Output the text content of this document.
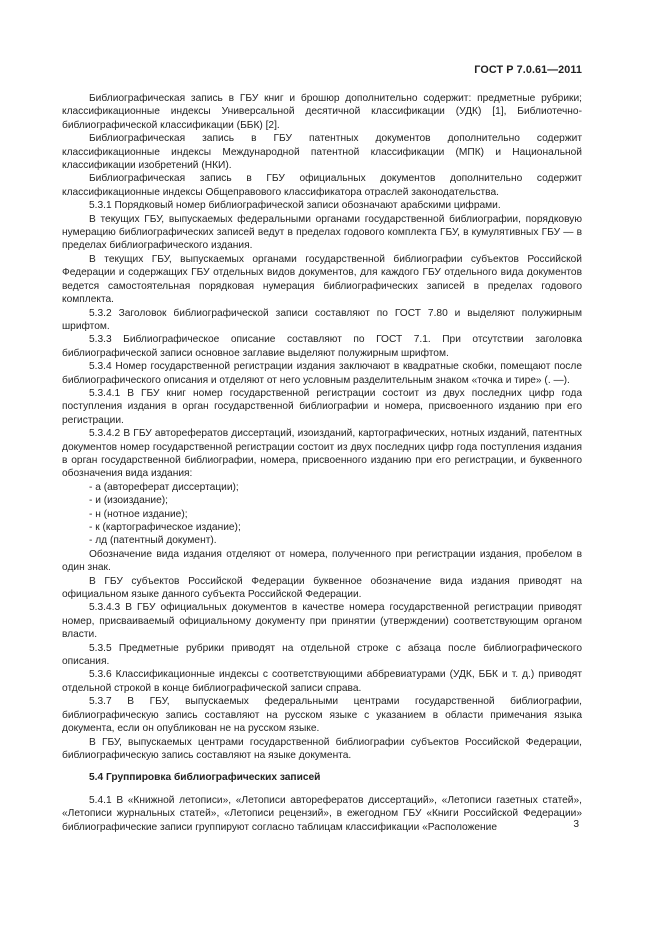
ГОСТ Р 7.0.61—2011

Библиографическая запись в ГБУ книг и брошюр дополнительно содержит: предметные рубрики; классификационные индексы Универсальной десятичной классификации (УДК) [1], Библиотечно-библиографической классификации (ББК) [2].

Библиографическая запись в ГБУ патентных документов дополнительно содержит классификационные индексы Международной патентной классификации (МПК) и Национальной классификации изобретений (НКИ).

Библиографическая запись в ГБУ официальных документов дополнительно содержит классификационные индексы Общеправового классификатора отраслей законодательства.

5.3.1 Порядковый номер библиографической записи обозначают арабскими цифрами.

В текущих ГБУ, выпускаемых федеральными органами государственной библиографии, порядковую нумерацию библиографических записей ведут в пределах годового комплекта ГБУ, в кумулятивных ГБУ — в пределах библиографического издания.

В текущих ГБУ, выпускаемых органами государственной библиографии субъектов Российской Федерации и содержащих ГБУ отдельных видов документов, для каждого ГБУ отдельного вида документов ведется самостоятельная порядковая нумерация библиографических записей в пределах годового комплекта.

5.3.2 Заголовок библиографической записи составляют по ГОСТ 7.80 и выделяют полужирным шрифтом.

5.3.3 Библиографическое описание составляют по ГОСТ 7.1. При отсутствии заголовка библиографической записи основное заглавие выделяют полужирным шрифтом.

5.3.4 Номер государственной регистрации издания заключают в квадратные скобки, помещают после библиографического описания и отделяют от него условным разделительным знаком «точка и тире» (. —).

5.3.4.1 В ГБУ книг номер государственной регистрации состоит из двух последних цифр года поступления издания в орган государственной библиографии и номера, присвоенного изданию при его регистрации.

5.3.4.2 В ГБУ авторефератов диссертаций, изоизданий, картографических, нотных изданий, патентных документов номер государственной регистрации состоит из двух последних цифр года поступления издания в орган государственной библиографии, номера, присвоенного изданию при его регистрации, и буквенного обозначения вида издания:

- а (автореферат диссертации);

- и (изоиздание);

- н (нотное издание);

- к (картографическое издание);

- лд (патентный документ).

Обозначение вида издания отделяют от номера, полученного при регистрации издания, пробелом в один знак.

В ГБУ субъектов Российской Федерации буквенное обозначение вида издания приводят на официальном языке данного субъекта Российской Федерации.

5.3.4.3 В ГБУ официальных документов в качестве номера государственной регистрации приводят номер, присваиваемый официальному документу при принятии (утверждении) соответствующим органом власти.

5.3.5 Предметные рубрики приводят на отдельной строке с абзаца после библиографического описания.

5.3.6 Классификационные индексы с соответствующими аббревиатурами (УДК, ББК и т. д.) приводят отдельной строкой в конце библиографической записи справа.

5.3.7 В ГБУ, выпускаемых федеральными центрами государственной библиографии, библиографическую запись составляют на русском языке с указанием в области примечания языка документа, если он опубликован не на русском языке.

В ГБУ, выпускаемых центрами государственной библиографии субъектов Российской Федерации, библиографическую запись составляют на языке документа.

5.4 Группировка библиографических записей

5.4.1 В «Книжной летописи», «Летописи авторефератов диссертаций», «Летописи газетных статей», «Летописи журнальных статей», «Летописи рецензий», в ежегодном ГБУ «Книги Российской Федерации» библиографические записи группируют согласно таблицам классификации «Расположение	3
